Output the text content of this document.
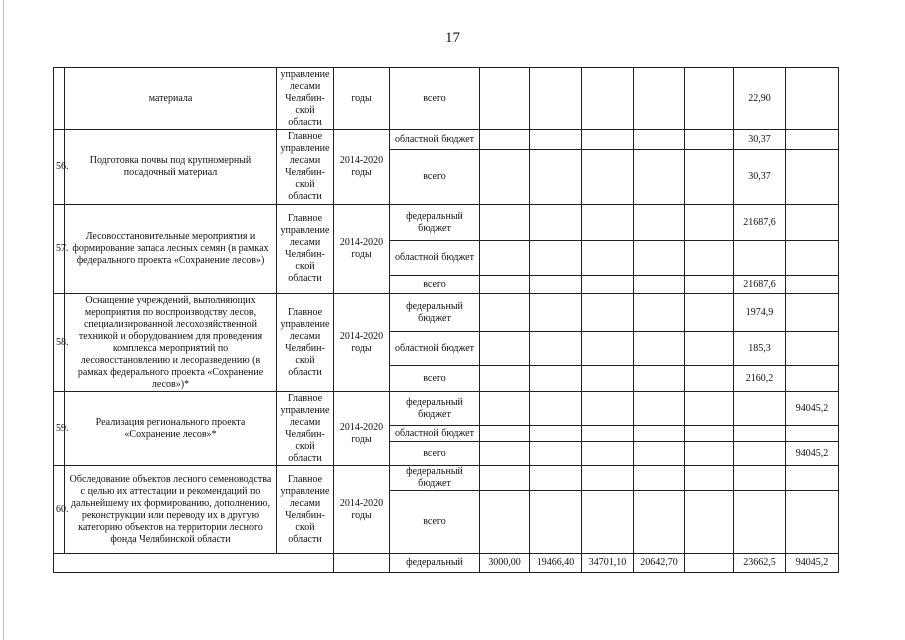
17
	материала	управление лесами Челябин- ской области	годы	всего						22,90	
56.	Подготовка почвы под крупномерный посадочный материал	Главное управление лесами Челябин- ской области	2014-2020 годы	областной бюджет						30,37	
				всего						30,37	
57.	Лесовосстановительные мероприятия и формирование запаса лесных семян (в рамках федерального проекта «Сохранение лесов»)	Главное управление лесами Челябин- ской области	2014-2020 годы	федеральный бюджет						21687,6	
				областной бюджет							
				всего						21687,6	
58.	Оснащение учреждений, выполняющих мероприятия по воспроизводству лесов, специализированной лесохозяйственной техникой и оборудованием для проведения комплекса мероприятий по лесовосстановлению и лесоразведению (в рамках федерального проекта «Сохранение лесов»)*	Главное управление лесами Челябин- ской области	2014-2020 годы	федеральный бюджет						1974,9	
				областной бюджет						185,3	
				всего						2160,2	
59.	Реализация регионального проекта «Сохранение лесов»*	Главное управление лесами Челябин- ской области	2014-2020 годы	федеральный бюджет							94045,2
				областной бюджет							
				всего							94045,2
60.	Обследование объектов лесного семеноводства с целью их аттестации и рекомендаций по дальнейшему их формированию, дополнению, реконструкции или переводу их в другую категорию объектов на территории лесного фонда Челябинской области	Главное управление лесами Челябин- ской области	2014-2020 годы	федеральный бюджет							
				всего							
				федеральный	3000,00	19466,40	34701,10	20642,70		23662,5	94045,2
